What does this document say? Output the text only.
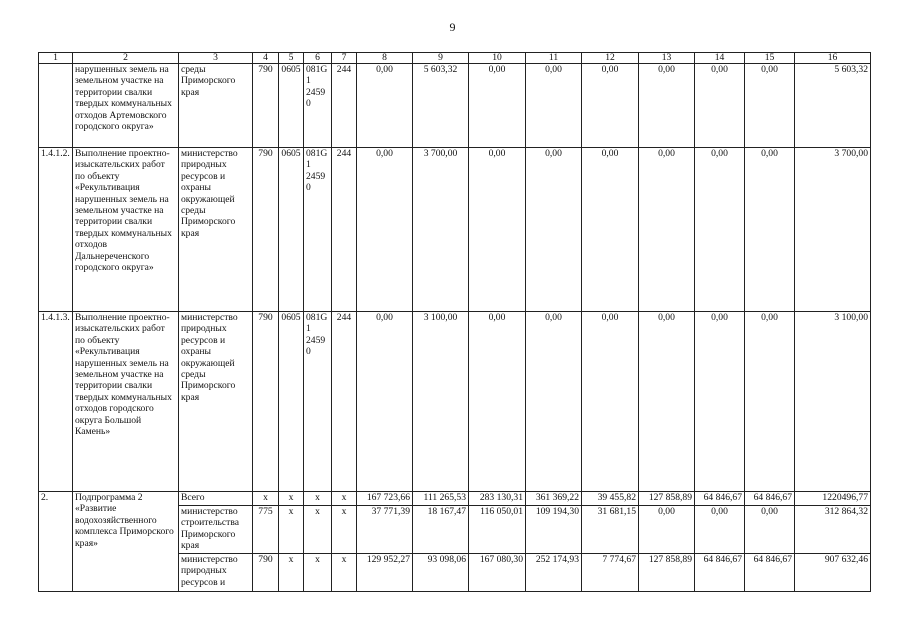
9
1	2	3	4	5	6	7	8	9	10	11	12	13	14	15	16
	нарушенных земель на земельном участке на территории свалки твердых коммунальных отходов Артемовского городского округа»	среды Приморского края	790	0605	081G1 24590	244	0,00	5 603,32	0,00	0,00	0,00	0,00	0,00	0,00	5 603,32
1.4.1.2.	Выполнение проектно-изыскательских работ по объекту «Рекультивация нарушенных земель на земельном участке на территории свалки твердых коммунальных отходов Дальнереченского городского округа»	министерство природных ресурсов и охраны окружающей среды Приморского края	790	0605	081G1 24590	244	0,00	3 700,00	0,00	0,00	0,00	0,00	0,00	0,00	3 700,00
1.4.1.3.	Выполнение проектно-изыскательских работ по объекту «Рекультивация нарушенных земель на земельном участке на территории свалки твердых коммунальных отходов городского округа Большой Камень»	министерство природных ресурсов и охраны окружающей среды Приморского края	790	0605	081G1 24590	244	0,00	3 100,00	0,00	0,00	0,00	0,00	0,00	0,00	3 100,00
2.	Подпрограмма 2 «Развитие водохозяйственного комплекса Приморского края»	Всего	x	x	x	x	167 723,66	111 265,53	283 130,31	361 369,22	39 455,82	127 858,89	64 846,67	64 846,67	1220496,77
		министерство строительства Приморского края	775	x	x	x	37 771,39	18 167,47	116 050,01	109 194,30	31 681,15	0,00	0,00	0,00	312 864,32
		министерство природных ресурсов и	790	x	x	x	129 952,27	93 098,06	167 080,30	252 174,93	7 774,67	127 858,89	64 846,67	64 846,67	907 632,46
